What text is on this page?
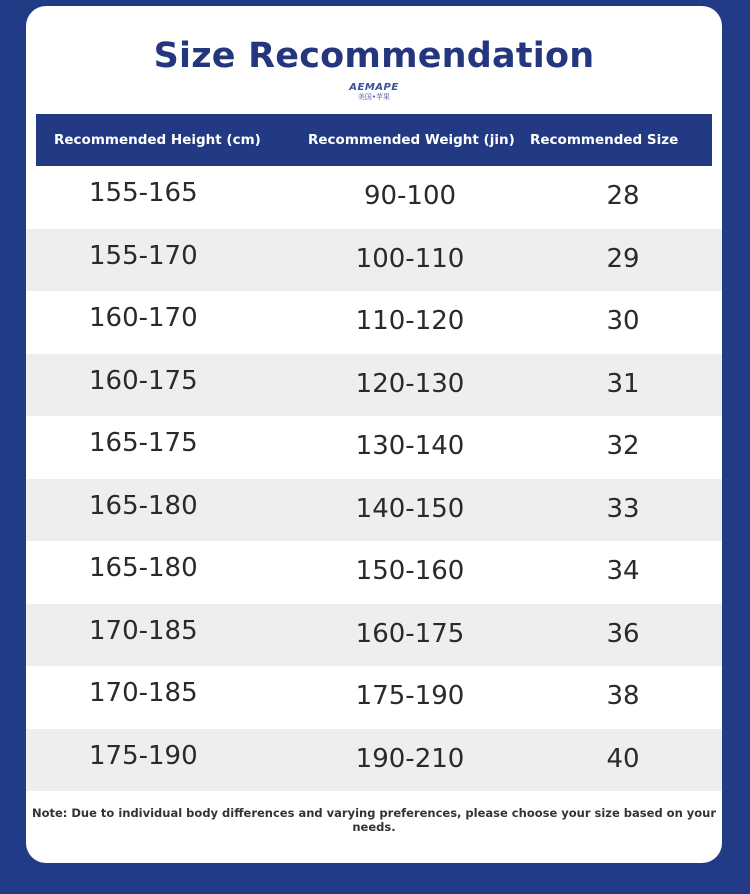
Size Recommendation
AEMAPE
美国•苹果
Recommended Height (cm)	Recommended Weight (jin) Recommended Size
155-165	90-100	28
155-170	100-110	29
160-170	110-120	30
160-175	120-130	31
165-175	130-140	32
165-180	140-150	33
165-180	150-160	34
170-185	160-175	36
170-185	175-190	38
175-190	190-210	40
Note: Due to individual body differences and varying preferences, please choose your size based on your needs.
